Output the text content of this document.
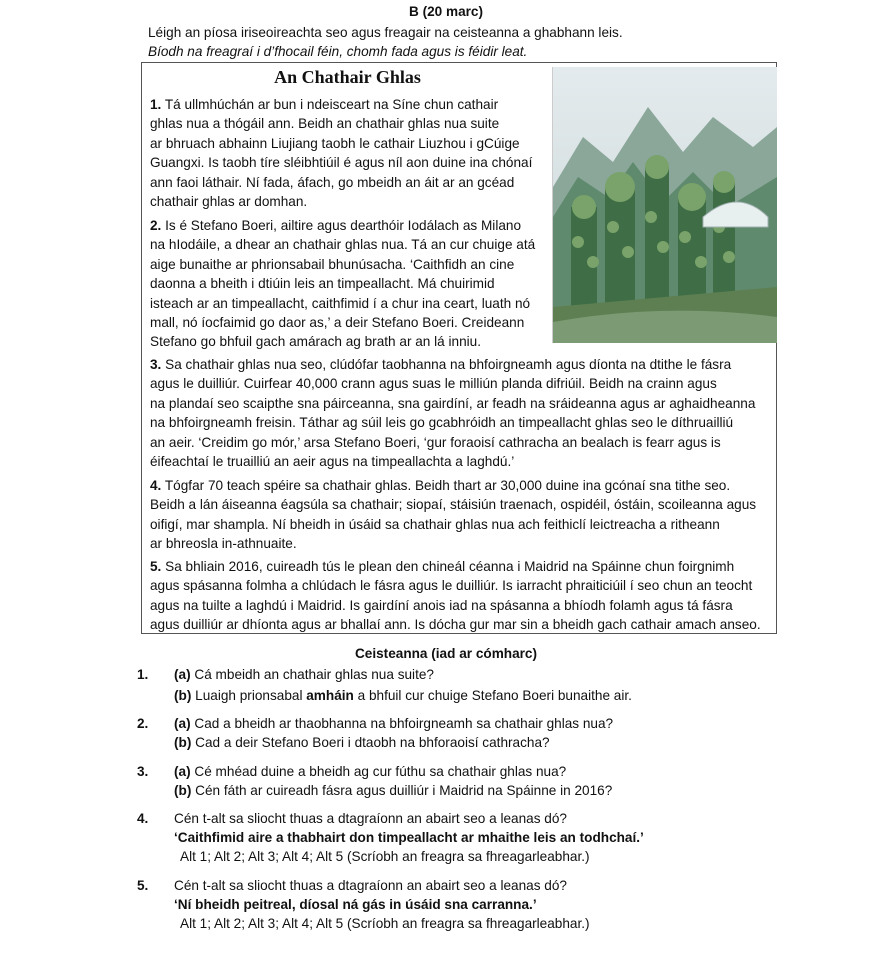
B (20 marc)
Léigh an píosa iriseoireachta seo agus freagair na ceisteanna a ghabhann leis.
Bíodh na freagraí i d’fhocail féin, chomh fada agus is féidir leat.
An Chathair Ghlas
1. Tá ullmhúchán ar bun i ndeisceart na Síne chun cathair
ghlas nua a thógáil ann. Beidh an chathair ghlas nua suite
ar bhruach abhainn Liujiang taobh le cathair Liuzhou i gCúige
Guangxi. Is taobh tíre sléibhtiúil é agus níl aon duine ina chónaí
ann faoi láthair. Ní fada, áfach, go mbeidh an áit ar an gcéad
chathair ghlas ar domhan.
2. Is é Stefano Boeri, ailtire agus dearthóir Iodálach as Milano
na hIodáile, a dhear an chathair ghlas nua. Tá an cur chuige atá
aige bunaithe ar phrionsabail bhunúsacha. ‘Caithfidh an cine
daonna a bheith i dtiúin leis an timpeallacht. Má chuirimid
isteach ar an timpeallacht, caithfimid í a chur ina ceart, luath nó
mall, nó íocfaimid go daor as,’ a deir Stefano Boeri. Creideann
Stefano go bhfuil gach amárach ag brath ar an lá inniu.
3. Sa chathair ghlas nua seo, clúdófar taobhanna na bhfoirgneamh agus díonta na dtithe le fásra
agus le duilliúr. Cuirfear 40,000 crann agus suas le milliún planda difriúil. Beidh na crainn agus
na plandaí seo scaipthe sna páirceanna, sna gairdíní, ar feadh na sráideanna agus ar aghaidheanna
na bhfoirgneamh freisin. Táthar ag súil leis go gcabhróidh an timpeallacht ghlas seo le díthruailliú
an aeir. ‘Creidim go mór,’ arsa Stefano Boeri, ‘gur foraoisí cathracha an bealach is fearr agus is
éifeachtaí le truailliú an aeir agus na timpeallachta a laghdú.’
4. Tógfar 70 teach spéire sa chathair ghlas. Beidh thart ar 30,000 duine ina gcónaí sna tithe seo.
Beidh a lán áiseanna éagsúla sa chathair; siopaí, stáisiún traenach, ospidéil, óstáin, scoileanna agus
oifigí, mar shampla. Ní bheidh in úsáid sa chathair ghlas nua ach feithiclí leictreacha a ritheann
ar bhreosla in-athnuaite.
5. Sa bhliain 2016, cuireadh tús le plean den chineál céanna i Maidrid na Spáinne chun foirgnimh
agus spásanna folmha a chlúdach le fásra agus le duilliúr. Is iarracht phraiticiúil í seo chun an teocht
agus na tuilte a laghdú i Maidrid. Is gairdíní anois iad na spásanna a bhíodh folamh agus tá fásra
agus duilliúr ar dhíonta agus ar bhallaí ann. Is dócha gur mar sin a bheidh gach cathair amach anseo.
Ceisteanna (iad ar cómharc)
1. (a) Cá mbeidh an chathair ghlas nua suite?
(b) Luaigh prionsabal amháin a bhfuil cur chuige Stefano Boeri bunaithe air.
2. (a) Cad a bheidh ar thaobhanna na bhfoirgneamh sa chathair ghlas nua?
(b) Cad a deir Stefano Boeri i dtaobh na bhforaoisí cathracha?
3. (a) Cé mhéad duine a bheidh ag cur fúthu sa chathair ghlas nua?
(b) Cén fáth ar cuireadh fásra agus duilliúr i Maidrid na Spáinne in 2016?
4. Cén t-alt sa sliocht thuas a dtagraíonn an abairt seo a leanas dó?
‘Caithfimid aire a thabhairt don timpeallacht ar mhaithe leis an todhchaí.’
Alt 1; Alt 2; Alt 3; Alt 4; Alt 5 (Scríobh an freagra sa fhreagarleabhar.)
5. Cén t-alt sa sliocht thuas a dtagraíonn an abairt seo a leanas dó?
‘Ní bheidh peitreal, díosal ná gás in úsáid sna carranna.’
Alt 1; Alt 2; Alt 3; Alt 4; Alt 5 (Scríobh an freagra sa fhreagarleabhar.)
